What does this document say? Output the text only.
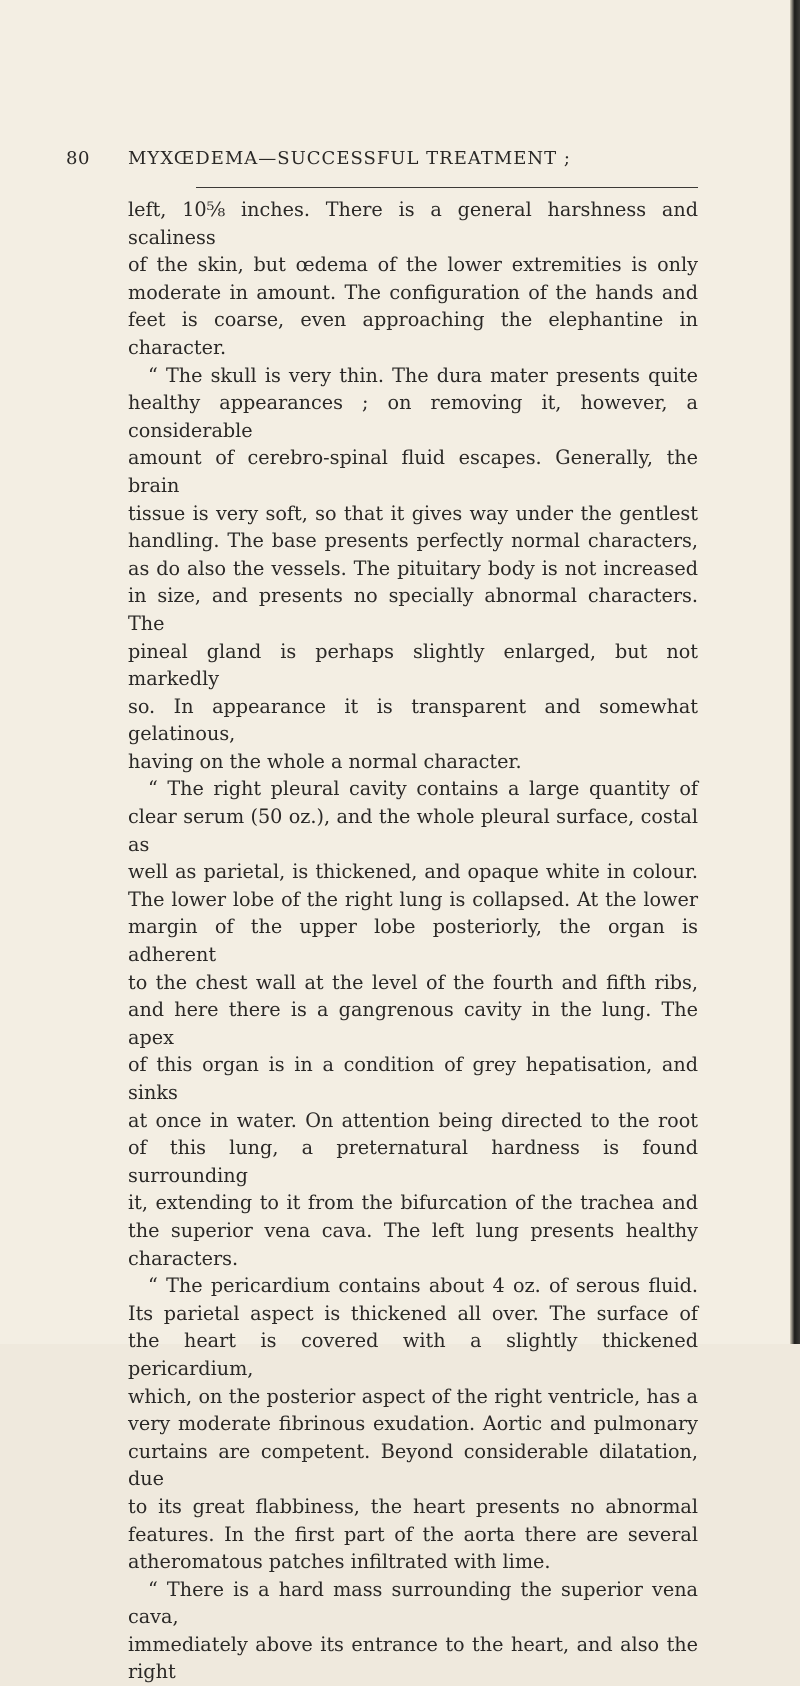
80 MYXŒDEMA—SUCCESSFUL TREATMENT ;

left, 10⅝ inches. There is a general harshness and scaliness

of the skin, but œdema of the lower extremities is only

moderate in amount. The configuration of the hands and

feet is coarse, even approaching the elephantine in character.

“ The skull is very thin. The dura mater presents quite

healthy appearances ; on removing it, however, a considerable

amount of cerebro-spinal fluid escapes. Generally, the brain

tissue is very soft, so that it gives way under the gentlest

handling. The base presents perfectly normal characters,

as do also the vessels. The pituitary body is not increased

in size, and presents no specially abnormal characters. The

pineal gland is perhaps slightly enlarged, but not markedly

so. In appearance it is transparent and somewhat gelatinous,

having on the whole a normal character.

“ The right pleural cavity contains a large quantity of

clear serum (50 oz.), and the whole pleural surface, costal as

well as parietal, is thickened, and opaque white in colour.

The lower lobe of the right lung is collapsed. At the lower

margin of the upper lobe posteriorly, the organ is adherent

to the chest wall at the level of the fourth and fifth ribs,

and here there is a gangrenous cavity in the lung. The apex

of this organ is in a condition of grey hepatisation, and sinks

at once in water. On attention being directed to the root

of this lung, a preternatural hardness is found surrounding

it, extending to it from the bifurcation of the trachea and

the superior vena cava. The left lung presents healthy

characters.

“ The pericardium contains about 4 oz. of serous fluid.

Its parietal aspect is thickened all over. The surface of

the heart is covered with a slightly thickened pericardium,

which, on the posterior aspect of the right ventricle, has a

very moderate fibrinous exudation. Aortic and pulmonary

curtains are competent. Beyond considerable dilatation, due

to its great flabbiness, the heart presents no abnormal

features. In the first part of the aorta there are several

atheromatous patches infiltrated with lime.

“ There is a hard mass surrounding the superior vena cava,

immediately above its entrance to the heart, and also the right
